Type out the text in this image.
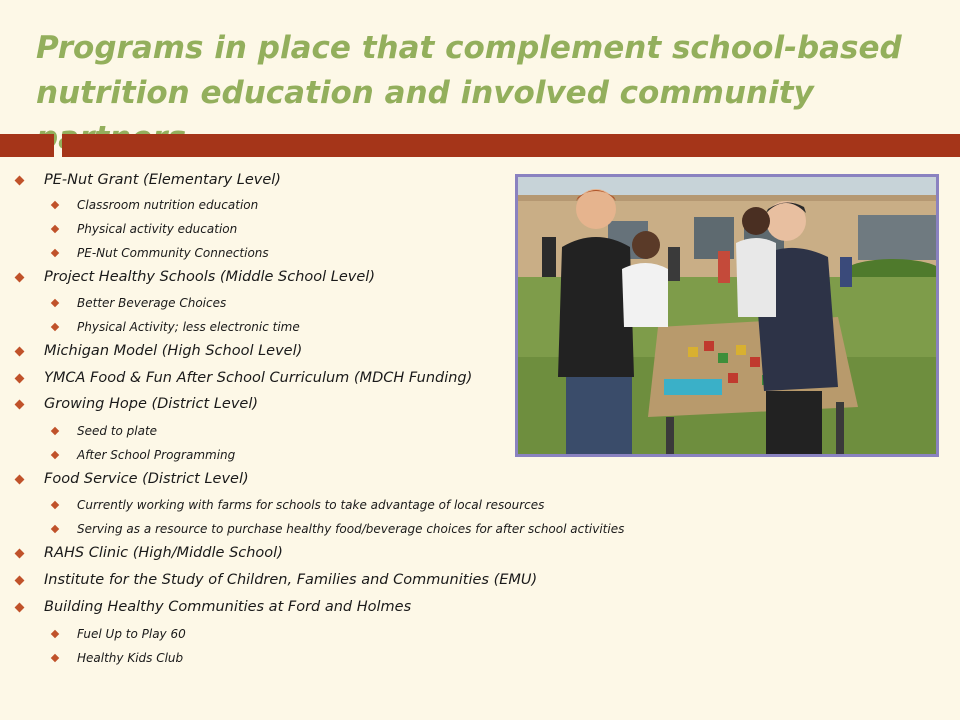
Programs in place that complement school-based nutrition education and involved community
PE-Nut Grant (Elementary Level)
Classroom nutrition education
Physical activity education
PE-Nut Community Connections
Project Healthy Schools (Middle School Level)
Better Beverage Choices
Physical Activity; less electronic time
Michigan Model (High School Level)
YMCA Food & Fun After School Curriculum (MDCH Funding)
Growing Hope (District Level)
Seed to plate
After School Programming
Food Service (District Level)
Currently working with farms for schools to take advantage of local resources
Serving as a resource to purchase healthy food/beverage choices for after school activities
RAHS Clinic (High/Middle School)
Institute for the Study of Children, Families and Communities (EMU)
Building Healthy Communities at Ford and Holmes
Fuel Up to Play 60
Healthy Kids Club
